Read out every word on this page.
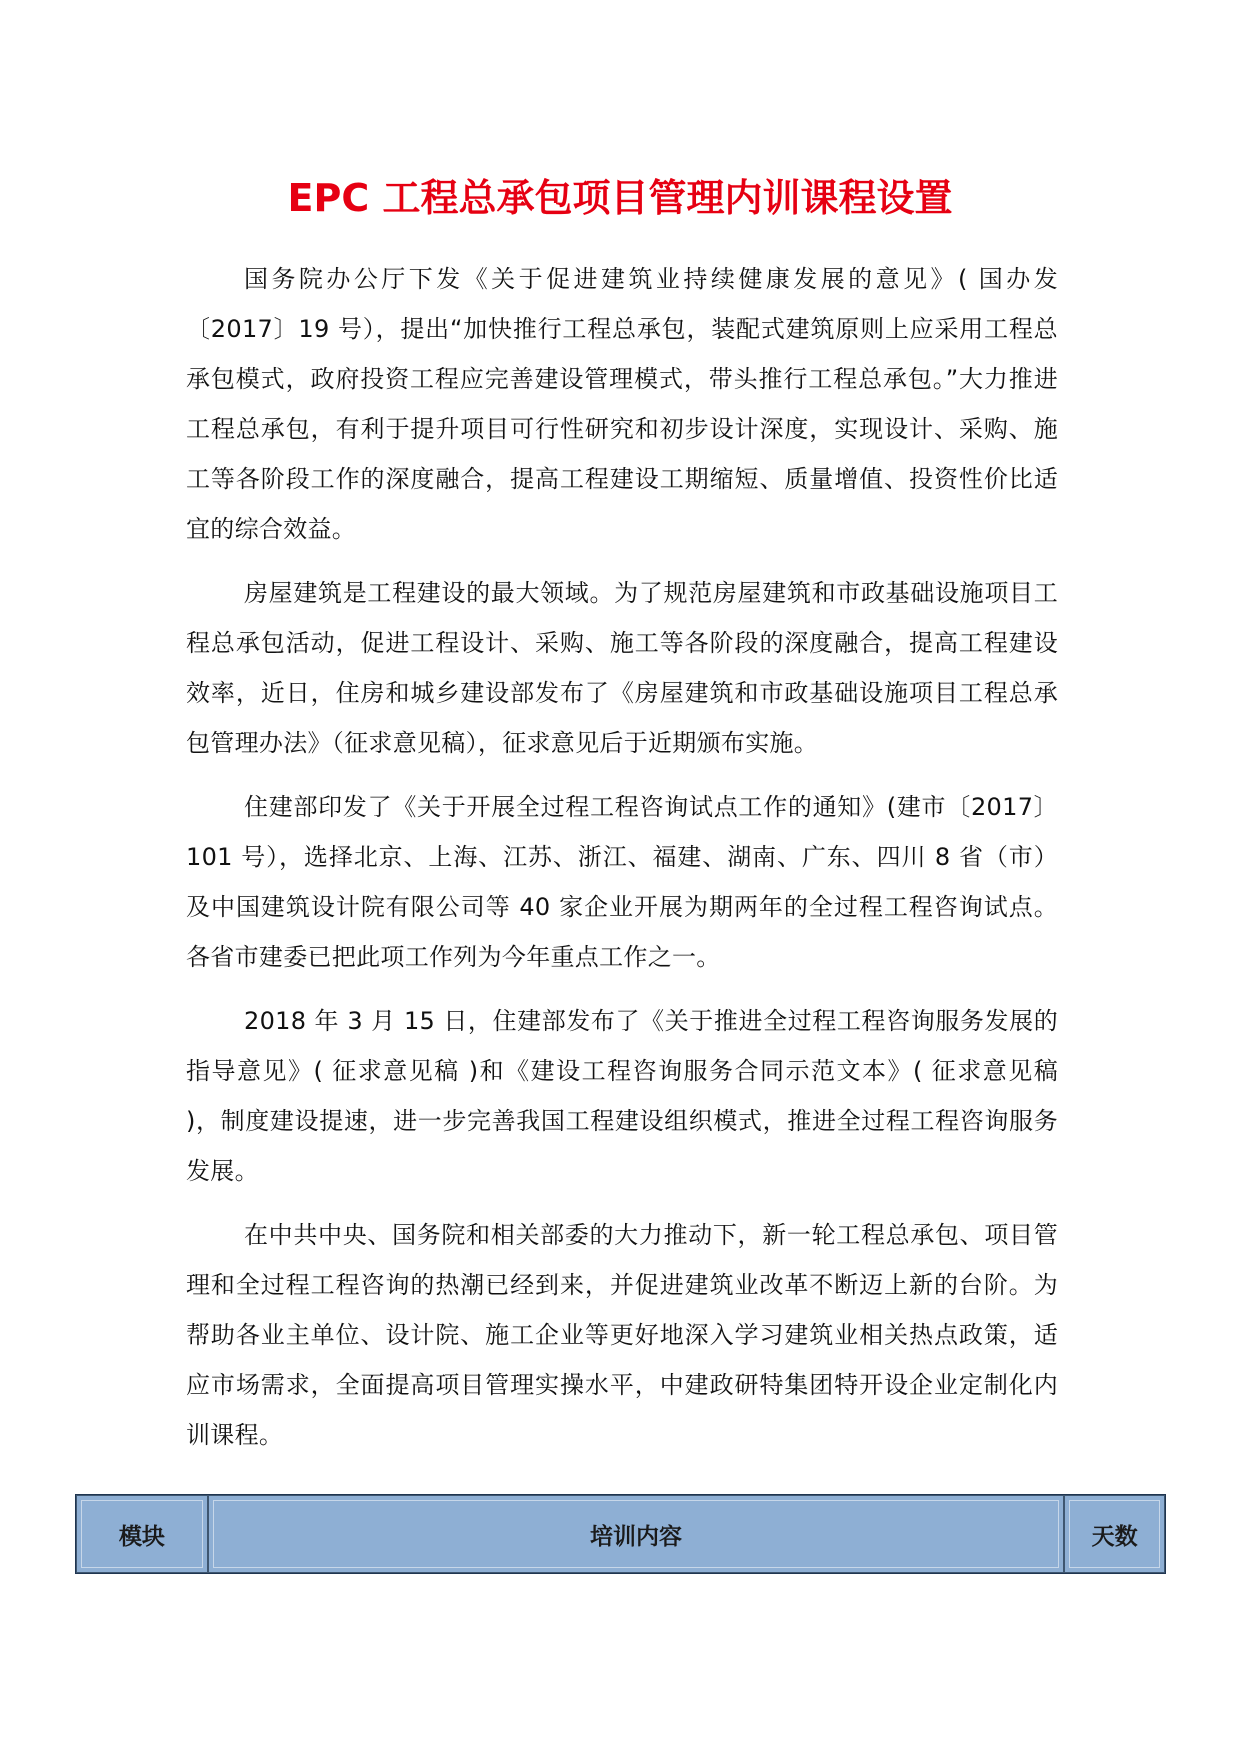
EPC 工程总承包项目管理内训课程设置

国务院办公厅下发《关于促进建筑业持续健康发展的意见》( 国办发〔2017〕19 号），提出“加快推行工程总承包，装配式建筑原则上应采用工程总承包模式，政府投资工程应完善建设管理模式，带头推行工程总承包。”大力推进工程总承包，有利于提升项目可行性研究和初步设计深度，实现设计、采购、施工等各阶段工作的深度融合，提高工程建设工期缩短、质量增值、投资性价比适宜的综合效益。

房屋建筑是工程建设的最大领域。为了规范房屋建筑和市政基础设施项目工程总承包活动，促进工程设计、采购、施工等各阶段的深度融合，提高工程建设效率，近日，住房和城乡建设部发布了《房屋建筑和市政基础设施项目工程总承包管理办法》（征求意见稿），征求意见后于近期颁布实施。

住建部印发了《关于开展全过程工程咨询试点工作的通知》(建市〔2017〕101 号），选择北京、上海、江苏、浙江、福建、湖南、广东、四川 8 省（市）及中国建筑设计院有限公司等 40 家企业开展为期两年的全过程工程咨询试点。各省市建委已把此项工作列为今年重点工作之一。

2018 年 3 月 15 日，住建部发布了《关于推进全过程工程咨询服务发展的指导意见》( 征求意见稿 )和《建设工程咨询服务合同示范文本》( 征求意见稿 )，制度建设提速，进一步完善我国工程建设组织模式，推进全过程工程咨询服务发展。

在中共中央、国务院和相关部委的大力推动下，新一轮工程总承包、项目管理和全过程工程咨询的热潮已经到来，并促进建筑业改革不断迈上新的台阶。为帮助各业主单位、设计院、施工企业等更好地深入学习建筑业相关热点政策，适应市场需求，全面提高项目管理实操水平，中建政研特集团特开设企业定制化内训课程。

模块	培训内容	天数
